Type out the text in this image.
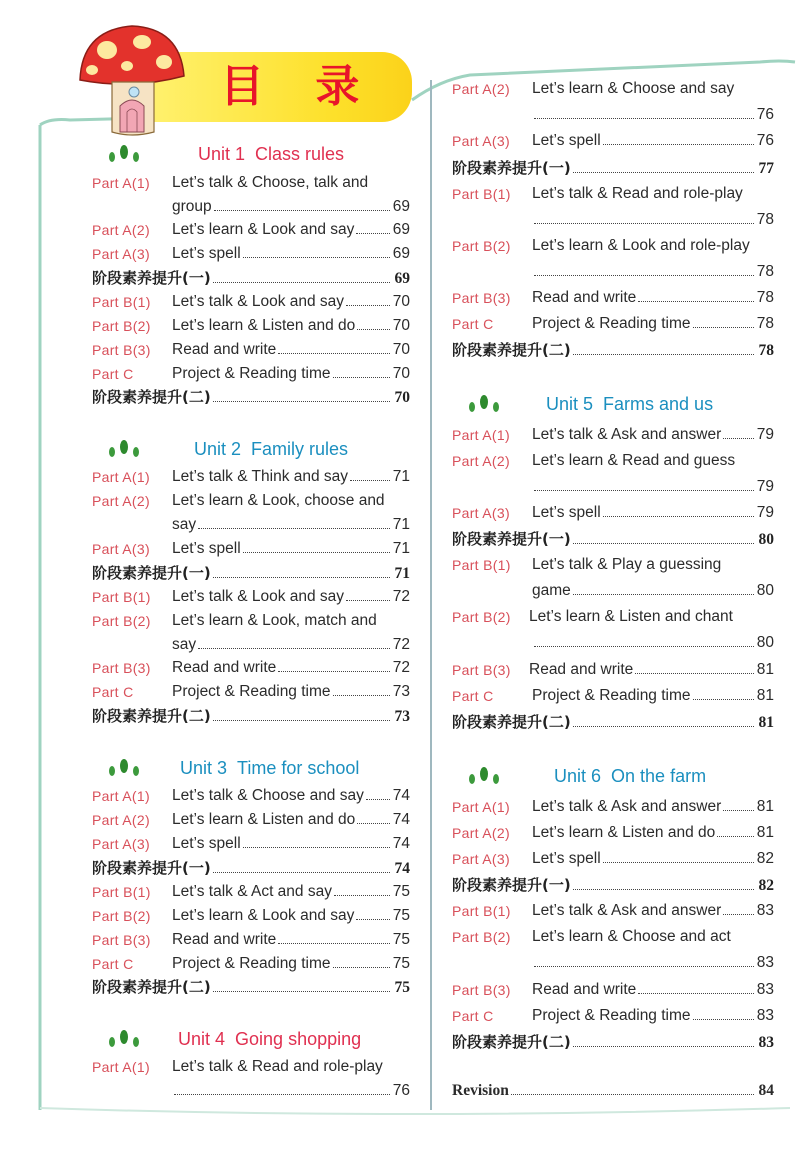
目 录
Unit 1 Class rules
Part A(1) Let’s talk & Choose, talk and
group	69
Part A(2) Let’s learn & Look and say 69
Part A(3) Let’s spell	69
阶段素养提升(一)	69
Part B(1) Let’s talk & Look and say	70
Part B(2) Let’s learn & Listen and do 70
Part B(3) Read and write	70
Part C Project & Reading time	70
阶段素养提升(二)	70
Unit 2 Family rules
Part A(1) Let’s talk & Think and say	71
Part A(2) Let’s learn & Look, choose and
say	71
Part A(3) Let’s spell	71
阶段素养提升(一)	71
Part B(1) Let’s talk & Look and say	72
Part B(2) Let’s learn & Look, match and
say	72
Part B(3) Read and write	72
Part C Project & Reading time	73
阶段素养提升(二)	73
Unit 3 Time for school
Part A(1) Let’s talk & Choose and say 74
Part A(2) Let’s learn & Listen and do 74
Part A(3) Let’s spell	74
阶段素养提升(一)	74
Part B(1) Let’s talk & Act and say	75
Part B(2) Let’s learn & Look and say 75
Part B(3) Read and write	75
Part C Project & Reading time	75
阶段素养提升(二)	75
Unit 4 Going shopping
Part A(1) Let’s talk & Read and role-play
76
Part A(2) Let’s learn & Choose and say
76
Part A(3) Let’s spell	76
阶段素养提升(一)	77
Part B(1) Let’s talk & Read and role-play
78
Part B(2) Let’s learn & Look and role-play
78
Part B(3) Read and write	78
Part C Project & Reading time	78
阶段素养提升(二)	78
Unit 5 Farms and us
Part A(1) Let’s talk & Ask and answer 79
Part A(2) Let’s learn & Read and guess
79
Part A(3) Let’s spell	79
阶段素养提升(一)	80
Part B(1) Let’s talk & Play a guessing
game	80
Part B(2) Let’s learn & Listen and chant
80
Part B(3) Read and write	81
Part C Project & Reading time	81
阶段素养提升(二)	81
Unit 6 On the farm
Part A(1) Let’s talk & Ask and answer 81
Part A(2) Let’s learn & Listen and do	81
Part A(3) Let’s spell	82
阶段素养提升(一)	82
Part B(1) Let’s talk & Ask and answer 83
Part B(2) Let’s learn & Choose and act
83
Part B(3) Read and write	83
Part C Project & Reading time	83
阶段素养提升(二)	83
Revision	84
